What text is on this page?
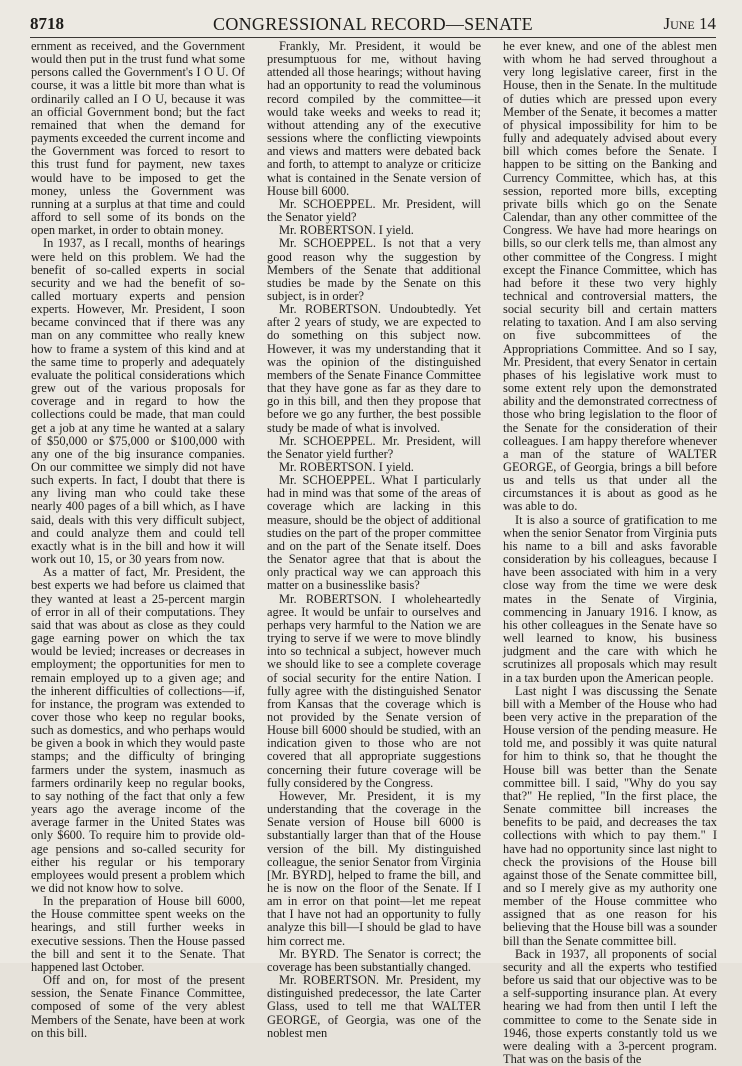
8718	CONGRESSIONAL RECORD—SENATE	June 14

ernment as received, and the Government would then put in the trust fund what some persons called the Government's I O U. Of course, it was a little bit more than what is ordinarily called an I O U, because it was an official Government bond; but the fact remained that when the demand for payments exceeded the current income and the Government was forced to resort to this trust fund for payment, new taxes would have to be imposed to get the money, unless the Government was running at a surplus at that time and could afford to sell some of its bonds on the open market, in order to obtain money.

In 1937, as I recall, months of hearings were held on this problem. We had the benefit of so-called experts in social security and we had the benefit of so-called mortuary experts and pension experts. However, Mr. President, I soon became convinced that if there was any man on any committee who really knew how to frame a system of this kind and at the same time to properly and adequately evaluate the political considerations which grew out of the various proposals for coverage and in regard to how the collections could be made, that man could get a job at any time he wanted at a salary of $50,000 or $75,000 or $100,000 with any one of the big insurance companies. On our committee we simply did not have such experts. In fact, I doubt that there is any living man who could take these nearly 400 pages of a bill which, as I have said, deals with this very difficult subject, and could analyze them and could tell exactly what is in the bill and how it will work out 10, 15, or 30 years from now.

As a matter of fact, Mr. President, the best experts we had before us claimed that they wanted at least a 25-percent margin of error in all of their computations. They said that was about as close as they could gage earning power on which the tax would be levied; increases or decreases in employment; the opportunities for men to remain employed up to a given age; and the inherent difficulties of collections—if, for instance, the program was extended to cover those who keep no regular books, such as domestics, and who perhaps would be given a book in which they would paste stamps; and the difficulty of bringing farmers under the system, inasmuch as farmers ordinarily keep no regular books, to say nothing of the fact that only a few years ago the average income of the average farmer in the United States was only $600. To require him to provide old-age pensions and so-called security for either his regular or his temporary employees would present a problem which we did not know how to solve.

In the preparation of House bill 6000, the House committee spent weeks on the hearings, and still further weeks in executive sessions. Then the House passed the bill and sent it to the Senate. That happened last October.

Off and on, for most of the present session, the Senate Finance Committee, composed of some of the very ablest Members of the Senate, have been at work on this bill.

Frankly, Mr. President, it would be presumptuous for me, without having attended all those hearings; without having had an opportunity to read the voluminous record compiled by the committee—it would take weeks and weeks to read it; without attending any of the executive sessions where the conflicting viewpoints and views and matters were debated back and forth, to attempt to analyze or criticize what is contained in the Senate version of House bill 6000.

Mr. SCHOEPPEL. Mr. President, will the Senator yield?

Mr. ROBERTSON. I yield.

Mr. SCHOEPPEL. Is not that a very good reason why the suggestion by Members of the Senate that additional studies be made by the Senate on this subject, is in order?

Mr. ROBERTSON. Undoubtedly. Yet after 2 years of study, we are expected to do something on this subject now. However, it was my understanding that it was the opinion of the distinguished members of the Senate Finance Committee that they have gone as far as they dare to go in this bill, and then they propose that before we go any further, the best possible study be made of what is involved.

Mr. SCHOEPPEL. Mr. President, will the Senator yield further?

Mr. ROBERTSON. I yield.

Mr. SCHOEPPEL. What I particularly had in mind was that some of the areas of coverage which are lacking in this measure, should be the object of additional studies on the part of the proper committee and on the part of the Senate itself. Does the Senator agree that that is about the only practical way we can approach this matter on a businesslike basis?

Mr. ROBERTSON. I wholeheartedly agree. It would be unfair to ourselves and perhaps very harmful to the Nation we are trying to serve if we were to move blindly into so technical a subject, however much we should like to see a complete coverage of social security for the entire Nation. I fully agree with the distinguished Senator from Kansas that the coverage which is not provided by the Senate version of House bill 6000 should be studied, with an indication given to those who are not covered that all appropriate suggestions concerning their future coverage will be fully considered by the Congress.

However, Mr. President, it is my understanding that the coverage in the Senate version of House bill 6000 is substantially larger than that of the House version of the bill. My distinguished colleague, the senior Senator from Virginia [Mr. BYRD], helped to frame the bill, and he is now on the floor of the Senate. If I am in error on that point—let me repeat that I have not had an opportunity to fully analyze this bill—I should be glad to have him correct me.

Mr. BYRD. The Senator is correct; the coverage has been substantially changed.

Mr. ROBERTSON. Mr. President, my distinguished predecessor, the late Carter Glass, used to tell me that WALTER GEORGE, of Georgia, was one of the noblest men

he ever knew, and one of the ablest men with whom he had served throughout a very long legislative career, first in the House, then in the Senate. In the multitude of duties which are pressed upon every Member of the Senate, it becomes a matter of physical impossibility for him to be fully and adequately advised about every bill which comes before the Senate. I happen to be sitting on the Banking and Currency Committee, which has, at this session, reported more bills, excepting private bills which go on the Senate Calendar, than any other committee of the Congress. We have had more hearings on bills, so our clerk tells me, than almost any other committee of the Congress. I might except the Finance Committee, which has had before it these two very highly technical and controversial matters, the social security bill and certain matters relating to taxation. And I am also serving on five subcommittees of the Appropriations Committee. And so I say, Mr. President, that every Senator in certain phases of his legislative work must to some extent rely upon the demonstrated ability and the demonstrated correctness of those who bring legislation to the floor of the Senate for the consideration of their colleagues. I am happy therefore whenever a man of the stature of WALTER GEORGE, of Georgia, brings a bill before us and tells us that under all the circumstances it is about as good as he was able to do.

It is also a source of gratification to me when the senior Senator from Virginia puts his name to a bill and asks favorable consideration by his colleagues, because I have been associated with him in a very close way from the time we were desk mates in the Senate of Virginia, commencing in January 1916. I know, as his other colleagues in the Senate have so well learned to know, his business judgment and the care with which he scrutinizes all proposals which may result in a tax burden upon the American people.

Last night I was discussing the Senate bill with a Member of the House who had been very active in the preparation of the House version of the pending measure. He told me, and possibly it was quite natural for him to think so, that he thought the House bill was better than the Senate committee bill. I said, "Why do you say that?" He replied, "In the first place, the Senate committee bill increases the benefits to be paid, and decreases the tax collections with which to pay them." I have had no opportunity since last night to check the provisions of the House bill against those of the Senate committee bill, and so I merely give as my authority one member of the House committee who assigned that as one reason for his believing that the House bill was a sounder bill than the Senate committee bill.

Back in 1937, all proponents of social security and all the experts who testified before us said that our objective was to be a self-supporting insurance plan. At every hearing we had from then until I left the committee to come to the Senate side in 1946, those experts constantly told us we were dealing with a 3-percent program. That was on the basis of the
